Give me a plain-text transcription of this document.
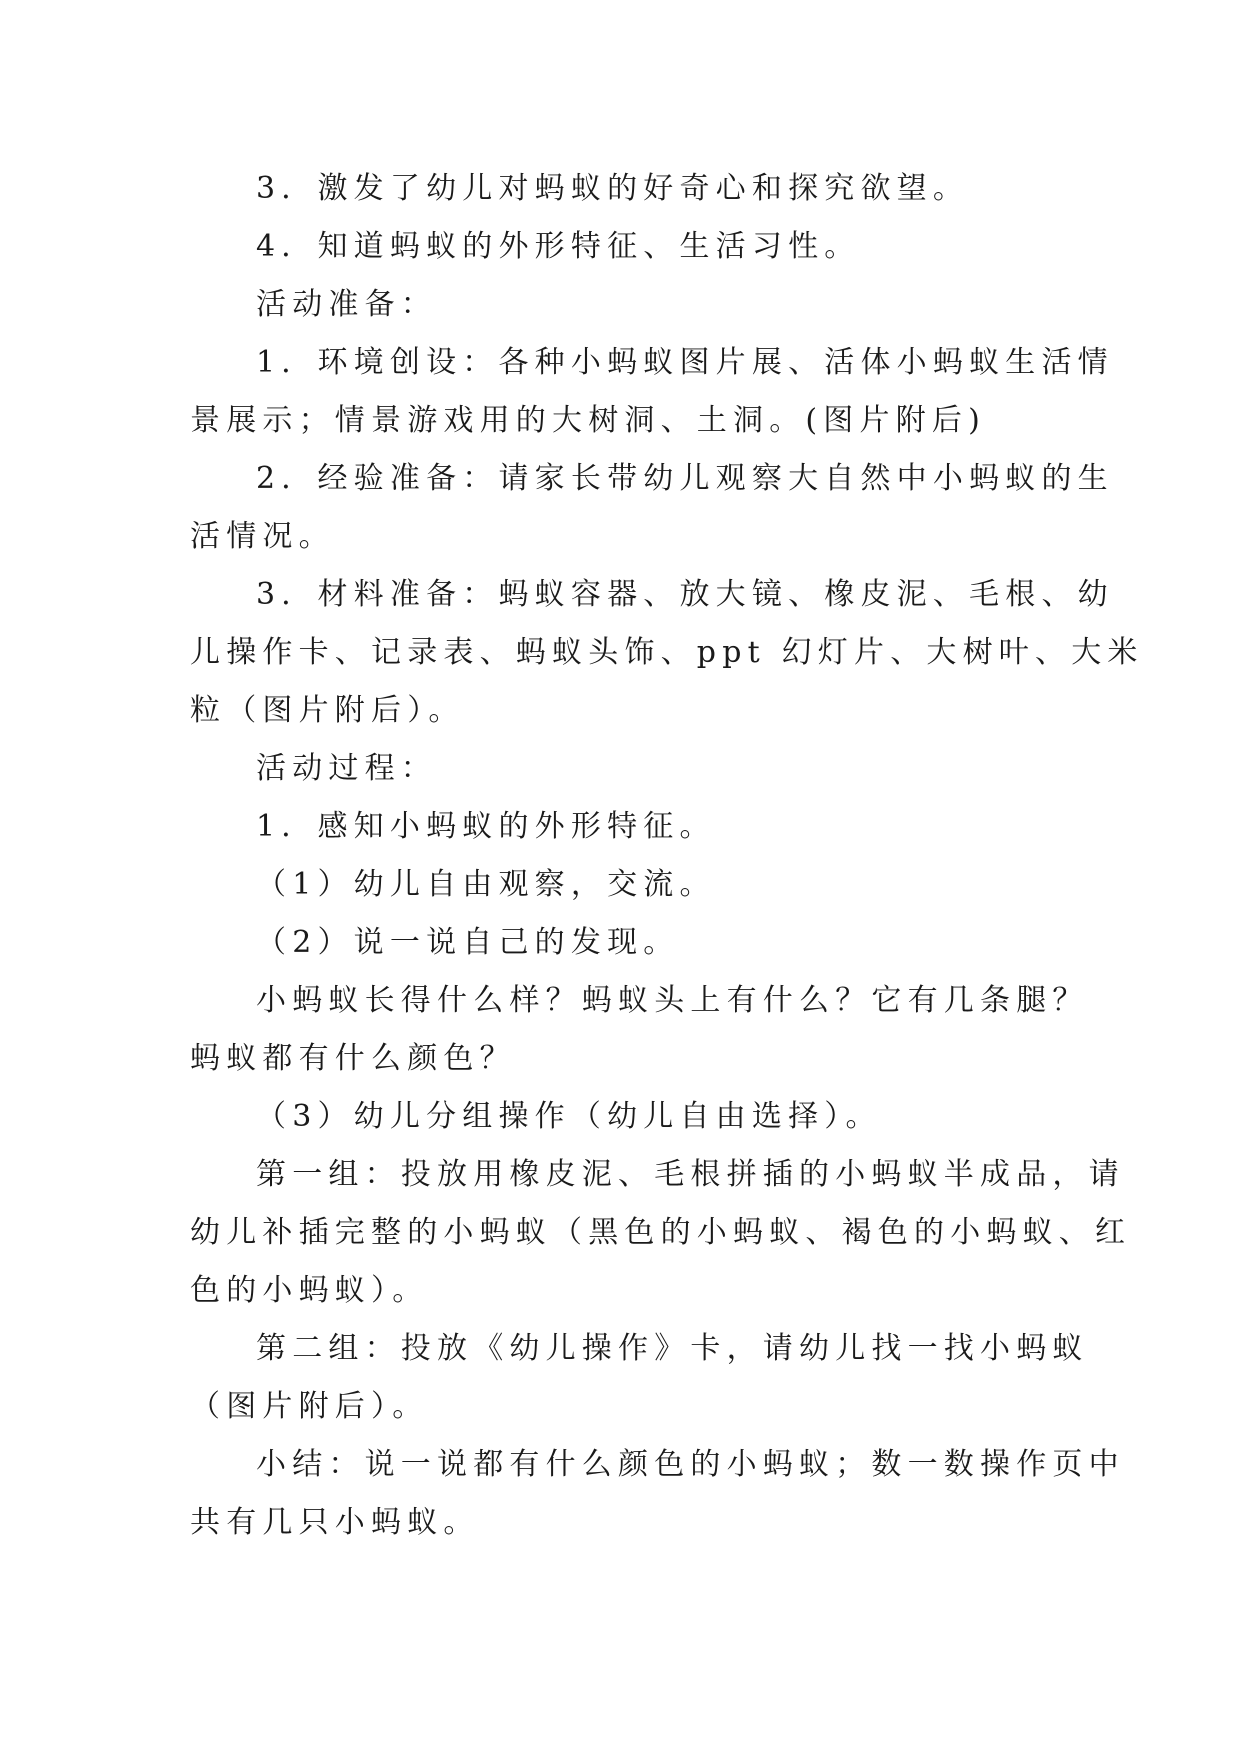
3．激发了幼儿对蚂蚁的好奇心和探究欲望。
4．知道蚂蚁的外形特征、生活习性。
活动准备：
1．环境创设：各种小蚂蚁图片展、活体小蚂蚁生活情
景展示；情景游戏用的大树洞、土洞。(图片附后)
2．经验准备：请家长带幼儿观察大自然中小蚂蚁的生
活情况。
3．材料准备：蚂蚁容器、放大镜、橡皮泥、毛根、幼
儿操作卡、记录表、蚂蚁头饰、ppt 幻灯片、大树叶、大米
粒（图片附后）。
活动过程：
1．感知小蚂蚁的外形特征。
（1）幼儿自由观察，交流。
（2）说一说自己的发现。
小蚂蚁长得什么样？蚂蚁头上有什么？它有几条腿？
蚂蚁都有什么颜色？
（3）幼儿分组操作（幼儿自由选择）。
第一组：投放用橡皮泥、毛根拼插的小蚂蚁半成品，请
幼儿补插完整的小蚂蚁（黑色的小蚂蚁、褐色的小蚂蚁、红
色的小蚂蚁）。
第二组：投放《幼儿操作》卡，请幼儿找一找小蚂蚁
（图片附后）。
小结：说一说都有什么颜色的小蚂蚁；数一数操作页中
共有几只小蚂蚁。
